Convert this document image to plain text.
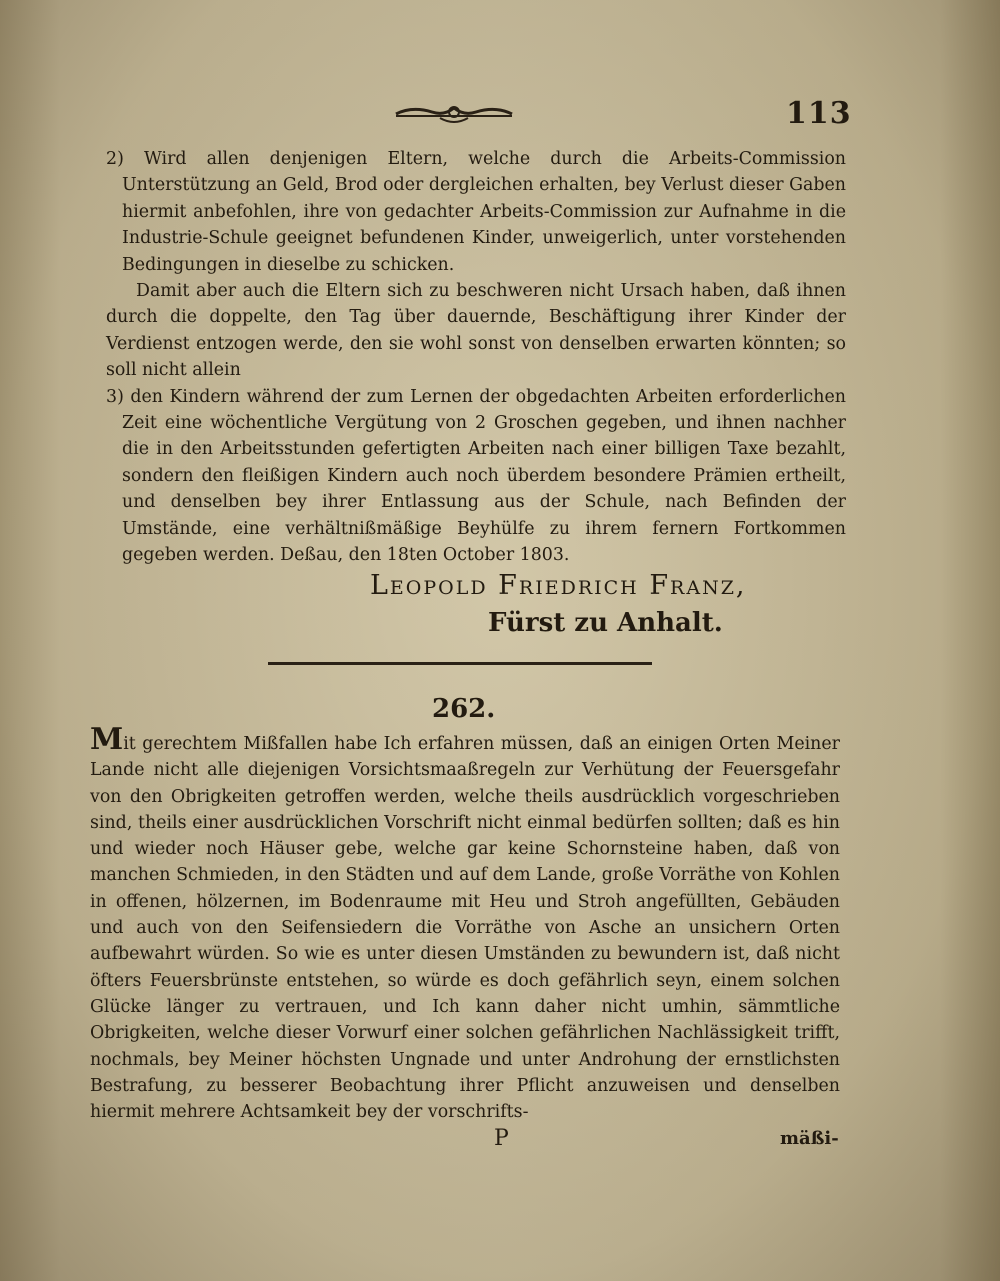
113

2) Wird allen denjenigen Eltern, welche durch die Arbeits-Commission Unterstützung an Geld, Brod oder dergleichen erhalten, bey Verlust dieser Gaben hiermit anbefohlen, ihre von gedachter Arbeits-Commission zur Aufnahme in die Industrie-Schule geeignet befundenen Kinder, unweigerlich, unter vorstehenden Bedingungen in dieselbe zu schicken.

Damit aber auch die Eltern sich zu beschweren nicht Ursach haben, daß ihnen durch die doppelte, den Tag über dauernde, Beschäftigung ihrer Kinder der Verdienst entzogen werde, den sie wohl sonst von denselben erwarten könnten; so soll nicht allein

3) den Kindern während der zum Lernen der obgedachten Arbeiten erforderlichen Zeit eine wöchentliche Vergütung von 2 Groschen gegeben, und ihnen nachher die in den Arbeitsstunden gefertigten Arbeiten nach einer billigen Taxe bezahlt, sondern den fleißigen Kindern auch noch überdem besondere Prämien ertheilt, und denselben bey ihrer Entlassung aus der Schule, nach Befinden der Umstände, eine verhältnißmäßige Beyhülfe zu ihrem fernern Fortkommen gegeben werden. Deßau, den 18ten October 1803.

Leopold Friedrich Franz,
Fürst zu Anhalt.
262.
Mit gerechtem Mißfallen habe Ich erfahren müssen, daß an einigen Orten Meiner Lande nicht alle diejenigen Vorsichtsmaaßregeln zur Verhütung der Feuersgefahr von den Obrigkeiten getroffen werden, welche theils ausdrücklich vorgeschrieben sind, theils einer ausdrücklichen Vorschrift nicht einmal bedürfen sollten; daß es hin und wieder noch Häuser gebe, welche gar keine Schornsteine haben, daß von manchen Schmieden, in den Städten und auf dem Lande, große Vorräthe von Kohlen in offenen, hölzernen, im Bodenraume mit Heu und Stroh angefüllten, Gebäuden und auch von den Seifensiedern die Vorräthe von Asche an unsichern Orten aufbewahrt würden. So wie es unter diesen Umständen zu bewundern ist, daß nicht öfters Feuersbrünste entstehen, so würde es doch gefährlich seyn, einem solchen Glücke länger zu vertrauen, und Ich kann daher nicht umhin, sämmtliche Obrigkeiten, welche dieser Vorwurf einer solchen gefährlichen Nachlässigkeit trifft, nochmals, bey Meiner höchsten Ungnade und unter Androhung der ernstlichsten Bestrafung, zu besserer Beobachtung ihrer Pflicht anzuweisen und denselben hiermit mehrere Achtsamkeit bey der vorschrifts-
P	mäßi-
